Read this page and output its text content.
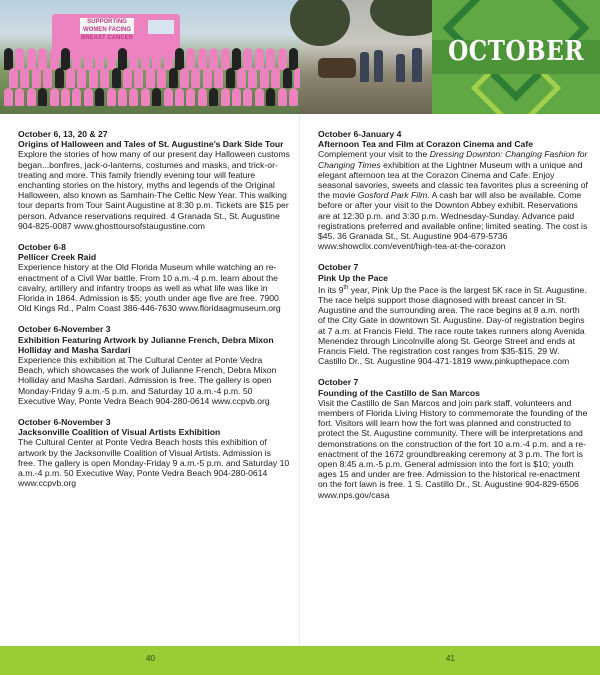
SUPPORTING WOMEN FACING BREAST CANCER	OCTOBER
October 6, 13, 20 & 27
Origins of Halloween and Tales of St. Augustine’s Dark Side Tour
Explore the stories of how many of our present day Halloween customs began...bonfires, jack-o-lanterns, costumes and masks, and trick-or-treating and more. This family friendly evening tour will feature enchanting stories on the history, myths and legends of the Original Halloween, also known as Samhain-The Celtic New Year. This walking tour departs from Tour Saint Augustine at 8:30 p.m. Tickets are $15 per person. Advance reservations required. 4 Granada St., St. Augustine 904-825-0087 www.ghosttoursofstaugustine.com
October 6-8
Pellicer Creek Raid
Experience history at the Old Florida Museum while watching an re-enactment of a Civil War battle. From 10 a.m.-4 p.m. learn about the cavalry, artillery and infantry troops as well as what life was like in Florida in 1864. Admission is $5; youth under age five are free. 7900 Old Kings Rd., Palm Coast 386-446-7630 www.floridaagmuseum.org
October 6-November 3
Exhibition Featuring Artwork by Julianne French, Debra Mixon Holliday and Masha Sardari
Experience this exhibition at The Cultural Center at Ponte Vedra Beach, which showcases the work of Julianne French, Debra Mixon Holliday and Masha Sardari. Admission is free. The gallery is open Monday-Friday 9 a.m.-5 p.m. and Saturday 10 a.m.-4 p.m. 50 Executive Way, Ponte Vedra Beach 904-280-0614 www.ccpvb.org
October 6-November 3
Jacksonville Coalition of Visual Artists Exhibition
The Cultural Center at Ponte Vedra Beach hosts this exhibition of artwork by the Jacksonville Coalition of Visual Artists. Admission is free. The gallery is open Monday-Friday 9 a.m.-5 p.m. and Saturday 10 a.m.-4 p.m. 50 Executive Way, Ponte Vedra Beach 904-280-0614 www.ccpvb.org
October 6-January 4
Afternoon Tea and Film at Corazon Cinema and Cafe
Complement your visit to the Dressing Downton: Changing Fashion for Changing Times exhibition at the Lightner Museum with a unique and elegant afternoon tea at the Corazon Cinema and Cafe. Enjoy seasonal savories, sweets and classic tea favorites plus a screening of the movie Gosford Park Film. A cash bar will also be available. Come before or after your visit to the Downton Abbey exhibit. Reservations are at 12:30 p.m. and 3:30 p.m. Wednesday-Sunday. Advance paid registrations preferred and available online; limited seating. The cost is $45. 36 Granada St., St. Augustine 904-679-5736 www.showclix.com/event/high-tea-at-the-corazon
October 7
Pink Up the Pace
In its 9th year, Pink Up the Pace is the largest 5K race in St. Augustine. The race helps support those diagnosed with breast cancer in St. Augustine and the surrounding area. The race begins at 8 a.m. north of the City Gate in downtown St. Augustine. Day-of registration begins at 7 a.m. at Francis Field. The race route takes runners along Avenida Menendez through Lincolnville along St. George Street and ends at Francis Field. The registration cost ranges from $35-$15. 29 W. Castillo Dr., St. Augustine 904-471-1819 www.pinkupthepace.com
October 7
Founding of the Castillo de San Marcos
Visit the Castillo de San Marcos and join park staff, volunteers and members of Florida Living History to commemorate the founding of the fort. Visitors will learn how the fort was planned and constructed to protect the St. Augustine community. There will be interpretations and demonstrations on the construction of the fort 10 a.m.-4 p.m. and a re-enactment of the 1672 groundbreaking ceremony at 3 p.m. The fort is open 8:45 a.m.-5 p.m. General admission into the fort is $10; youth ages 15 and under are free. Admission to the historical re-enactment on the fort lawn is free. 1 S. Castillo Dr., St. Augustine 904-829-6506 www.nps.gov/casa
40	41
